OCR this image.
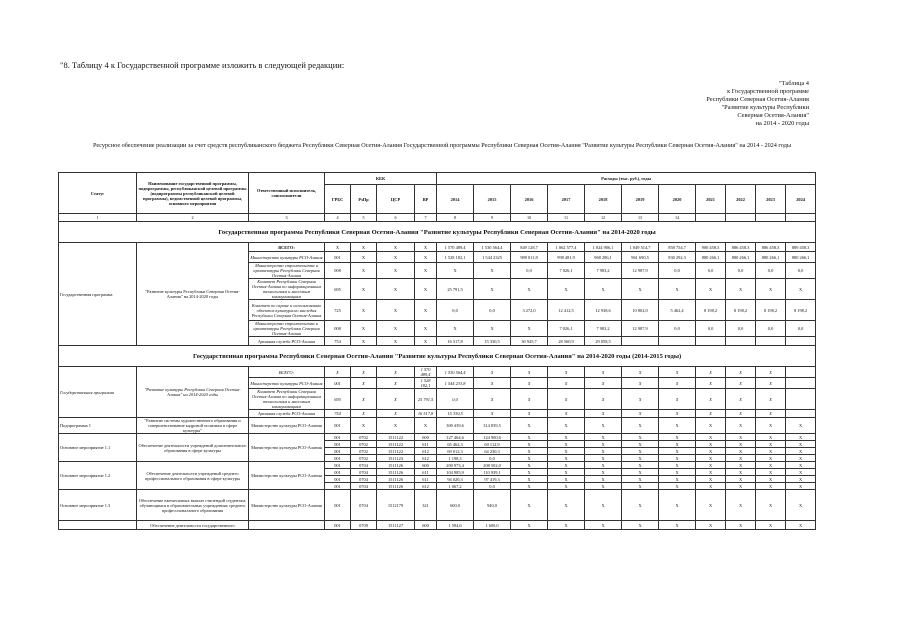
"8. Таблицу 4 к Государственной программе изложить в следующей редакции:
"Таблица 4
к Государственной программе
Республики Северная Осетия-Алания
"Развитие культуры Республики
Северная Осетия-Алания"
на 2014 - 2020 годы
Ресурсное обеспечение реализации за счет средств республиканского бюджета Республики Северная Осетия-Алания Государственной программы Республики Северная Осетия-Алания "Развитие культуры Республики Северная Осетия-Алания" на 2014 - 2024 годы
Статус	Наименование государственной программы, подпрограммы, республиканской целевой программы (подпрограммы республиканской целевой программы), ведомственной целевой программы, основного мероприятия	Ответственный исполнитель, соисполнители	КБК				Расходы (тыс. руб.), годы										
			ГРБС	РзПр	ЦСР	ВР	2014	2015	2016	2017	2018	2019	2020	2021	2022	2023	2024
1	2	3	4	5	6	7	8	9	10	11	12	13	14				
Государственная программа Республики Северная Осетия-Алания "Развитие культуры Республики Северная Осетия-Алания" на 2014-2020 годы																	
Государственная программа	"Развитие культуры Республики Северная Осетия-Алания" на 2014-2020 годы	ВСЕГО:	Х	Х	Х	Х	1 570 489,4	1 530 564,4	849 128,7	1 062 577,4	1 024 906,1	1 049 514,7	858 754,7	900 458,3	886 458,3	886 458,3	889 458,3
		Министерство культуры РСО-Алания	001	Х	Х	Х	1 528 182,1	1 544 2325	989 011,8	998 481,9	968 286,1	961 690,5	830 292,3	880 266,1	880 266,1	880 266,1	880 266,1
		Министерство строительства и архитектуры Республики Северная Осетия-Алания	008	Х	Х	Х	Х	Х	0,0	7 026,1	7 983,2	12 987,9	0,0	0,0	0,0	0,0	0,0
		Комитет Республики Северная Осетия-Алания по информационным технологиям и массовым коммуникациям	695	Х	Х	Х	25 791,5	Х	Х	Х	Х	Х	Х	Х	Х	Х	Х
		Комитет по охране и использованию объектов культурного наследия Республики Северная Осетия-Алания	725	Х	Х	Х	0,0	0,0	3 272,0	12 412,5	12 938,6	10 802,0	5 462,4	8 198,2	8 198,2	8 198,2	8 198,2
		Министерство строительства и архитектуры Республики Северная Осетия-Алания	008	Х	Х	Х	Х	Х	Х	7 026,1	7 983,2	12 987,9	0,0	0,0	0,0	0,0	0,0
		Архивная служба РСО-Алания	754	Х	Х	Х	16 517,8	15 330,5	30 945,7	28 560,9	29 058,5						
Государственная программа Республики Северная Осетия-Алания "Развитие культуры Республики Северная Осетия-Алания" на 2014-2020 годы (2014-2015 годы)																	
Государственная программа	"Развитие культуры Республики Северная Осетия-Алания" на 2014-2020 годы	ВСЕГО:	Х	Х	Х	1 570 489,4	1 530 564,4	Х	Х	Х	Х	Х	Х	Х	Х	Х	
		Министерство культуры РСО-Алания	001	Х	Х	1 528 182,1	1 544 233,8	Х	Х	Х	Х	Х	Х	Х	Х	Х	
		Комитет Республики Северная Осетия-Алания по информационным технологиям и массовым коммуникациям	695	Х	Х	25 791,5	0,0	Х	Х	Х	Х	Х	Х	Х	Х	Х	
		Архивная служба РСО-Алания	754	Х	Х	16 517,8	15 330,5	Х	Х	Х	Х	Х	Х	Х	Х	Х	
Подпрограмма 1	"Развитие системы художественного образования и совершенствование кадровой политики в сфере культуры"	Министерство культуры РСО-Алания	001	Х	Х	Х	300 439,6	314 839,5	Х	Х	Х	Х	Х	Х	Х	Х	Х
Основное мероприятие 1.1	Обеспечение деятельности учреждений дополнительного образования в сфере культуры	Министерство культуры РСО-Алания	001	0702	1511122	600	127 464,6	124 900,6	Х	Х	Х	Х	Х	Х	Х	Х	Х
			001	0702	1511122	611	65 462,3	60 112,9	Х	Х	Х	Х	Х	Х	Х	Х	Х
			001	0702	1511122	612	69 012,3	64 230,3	Х	Х	Х	Х	Х	Х	Х	Х	Х
			001	0702	1511123	612	1 198,3	0,0	Х	Х	Х	Х	Х	Х	Х	Х	Х
Основное мероприятие 1.2	Обеспечение деятельности учреждений среднего профессионального образования в сфере культуры	Министерство культуры РСО-Алания	001	0704	1511126	600	200 973,4	208 502,0	Х	Х	Х	Х	Х	Х	Х	Х	Х
			001	0704	1511126	611	104 985,9	110 939,1	Х	Х	Х	Х	Х	Х	Х	Х	Х
			001	0704	1511126	611	94 020,3	97 419,3	Х	Х	Х	Х	Х	Х	Х	Х	Х
			001	0704	1511126	612	1 067,2	0,0	Х	Х	Х	Х	Х	Х	Х	Х	Х
Основное мероприятие 1.3	Обеспечение ежемесячных выплат стипендий студентам, обучающимся в образовательных учреждениях среднего профессионального образования	Министерство культуры РСО-Алания	001	0704	1512179	321	600,0	940,0	Х	Х	Х	Х	Х	Х	Х	Х	Х
	Обеспечение деятельности государственного		001	0709	1511127	600	1 594,6	1 600,0	Х	Х	Х	Х	Х	Х	Х	Х	Х
